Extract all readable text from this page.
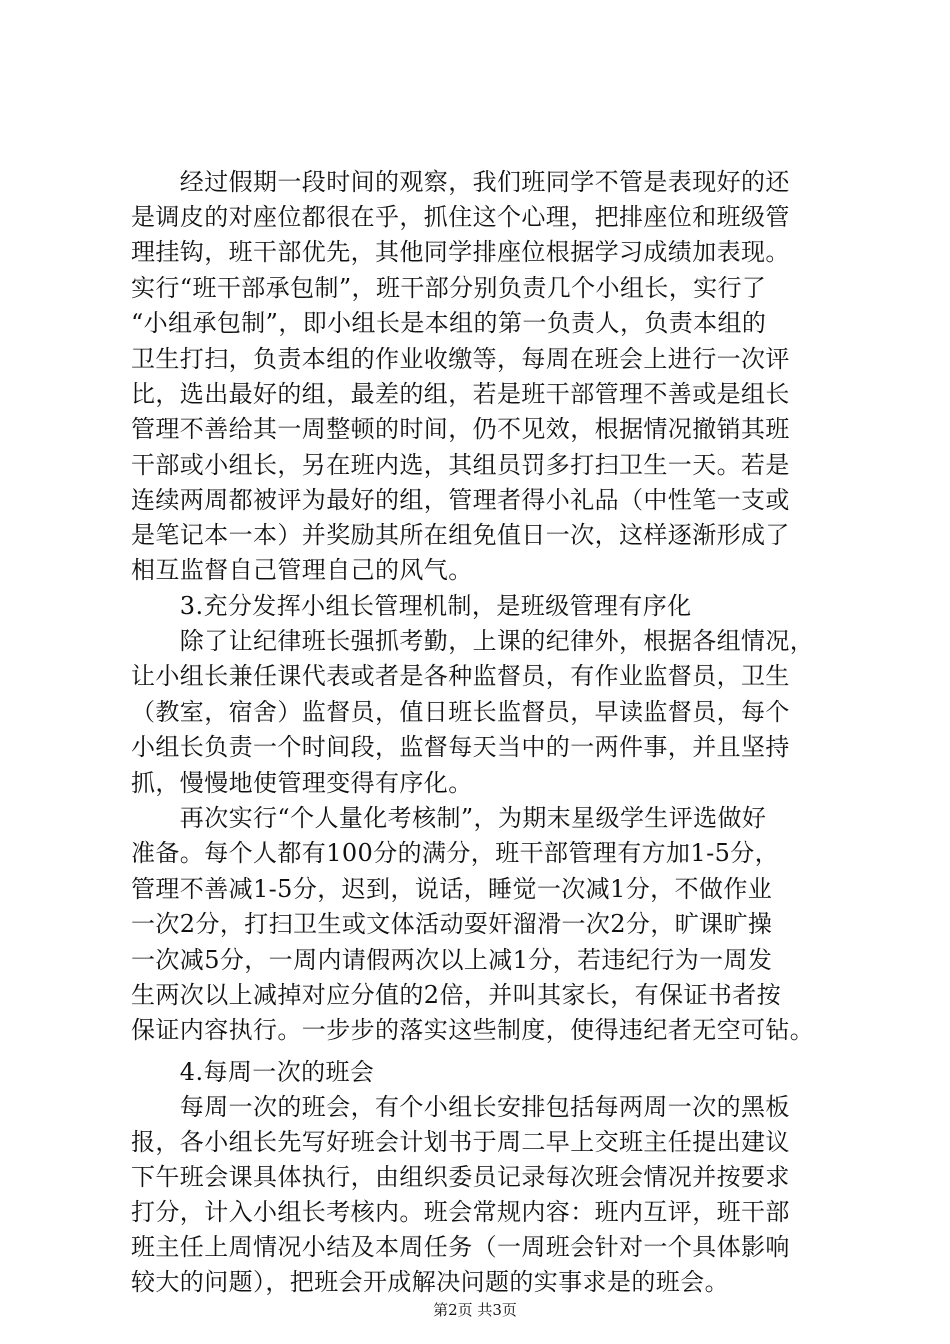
　　经过假期一段时间的观察，我们班同学不管是表现好的还
是调皮的对座位都很在乎，抓住这个心理，把排座位和班级管
理挂钩，班干部优先，其他同学排座位根据学习成绩加表现。
实行“班干部承包制”，班干部分别负责几个小组长，实行了
“小组承包制”，即小组长是本组的第一负责人，负责本组的
卫生打扫，负责本组的作业收缴等，每周在班会上进行一次评
比，选出最好的组，最差的组，若是班干部管理不善或是组长
管理不善给其一周整顿的时间，仍不见效，根据情况撤销其班
干部或小组长，另在班内选，其组员罚多打扫卫生一天。若是
连续两周都被评为最好的组，管理者得小礼品（中性笔一支或
是笔记本一本）并奖励其所在组免值日一次，这样逐渐形成了
相互监督自己管理自己的风气。
　　3.充分发挥小组长管理机制，是班级管理有序化
　　除了让纪律班长强抓考勤，上课的纪律外，根据各组情况，
让小组长兼任课代表或者是各种监督员，有作业监督员，卫生
（教室，宿舍）监督员，值日班长监督员，早读监督员，每个
小组长负责一个时间段，监督每天当中的一两件事，并且坚持
抓，慢慢地使管理变得有序化。
　　再次实行“个人量化考核制”，为期末星级学生评选做好
准备。每个人都有100分的满分，班干部管理有方加1-5分，
管理不善减1-5分，迟到，说话，睡觉一次减1分，不做作业
一次2分，打扫卫生或文体活动耍奸溜滑一次2分，旷课旷操
一次减5分，一周内请假两次以上减1分，若违纪行为一周发
生两次以上减掉对应分值的2倍，并叫其家长，有保证书者按
保证内容执行。一步步的落实这些制度，使得违纪者无空可钻。
　　4.每周一次的班会
　　每周一次的班会，有个小组长安排包括每两周一次的黑板
报，各小组长先写好班会计划书于周二早上交班主任提出建议
下午班会课具体执行，由组织委员记录每次班会情况并按要求
打分，计入小组长考核内。班会常规内容：班内互评，班干部
班主任上周情况小结及本周任务（一周班会针对一个具体影响
较大的问题），把班会开成解决问题的实事求是的班会。
第2页 共3页
